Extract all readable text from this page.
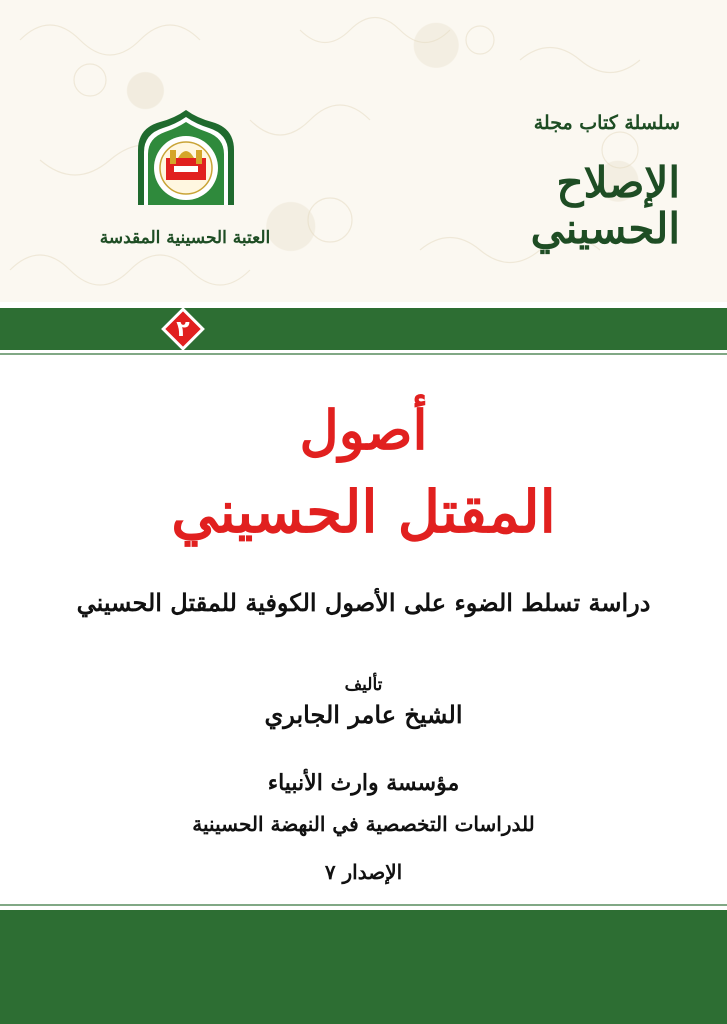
العتبة الحسينية المقدسة
سلسلة كتاب مجلة
الإصلاح الحسيني
٢
أصول
المقتل الحسيني
دراسة تسلط الضوء على الأصول الكوفية للمقتل الحسيني
تأليف
الشيخ عامر الجابري
مؤسسة وارث الأنبياء
للدراسات التخصصية في النهضة الحسينية
الإصدار ٧
